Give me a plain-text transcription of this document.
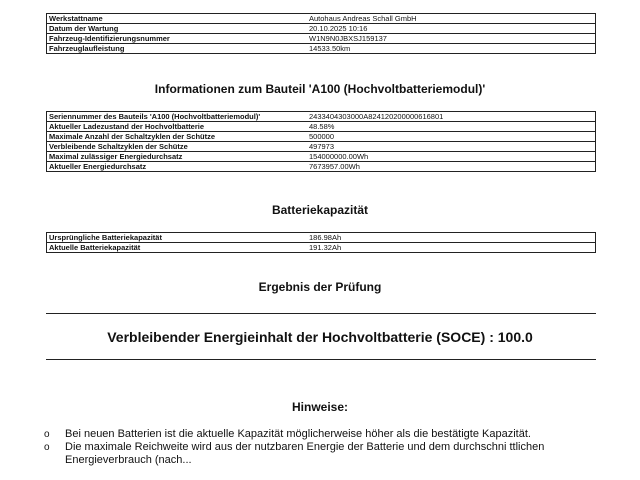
Werkstattname	Autohaus Andreas Schall GmbH
Datum der Wartung	20.10.2025 10:16
Fahrzeug-Identifizierungsnummer	W1N9N0JBXSJ159137
Fahrzeuglaufleistung	14533.50km
Informationen zum Bauteil 'A100 (Hochvoltbatteriemodul)'
Seriennummer des Bauteils 'A100 (Hochvoltbatteriemodul)'	2433404303000A824120200000616801
Aktueller Ladezustand der Hochvoltbatterie	48.58%
Maximale Anzahl der Schaltzyklen der Schütze	500000
Verbleibende Schaltzyklen der Schütze	497973
Maximal zulässiger Energiedurchsatz	154000000.00Wh
Aktueller Energiedurchsatz	7673957.00Wh
Batteriekapazität
Ursprüngliche Batteriekapazität	186.98Ah
Aktuelle Batteriekapazität	191.32Ah
Ergebnis der Prüfung
Verbleibender Energieinhalt der Hochvoltbatterie (SOCE) : 100.0
Hinweise:
o Bei neuen Batterien ist die aktuelle Kapazität möglicherweise höher als die bestätigte Kapazität.
o Die maximale Reichweite wird aus der nutzbaren Energie der Batterie und dem durchschni ttlichen Energieverbrauch (nach...
